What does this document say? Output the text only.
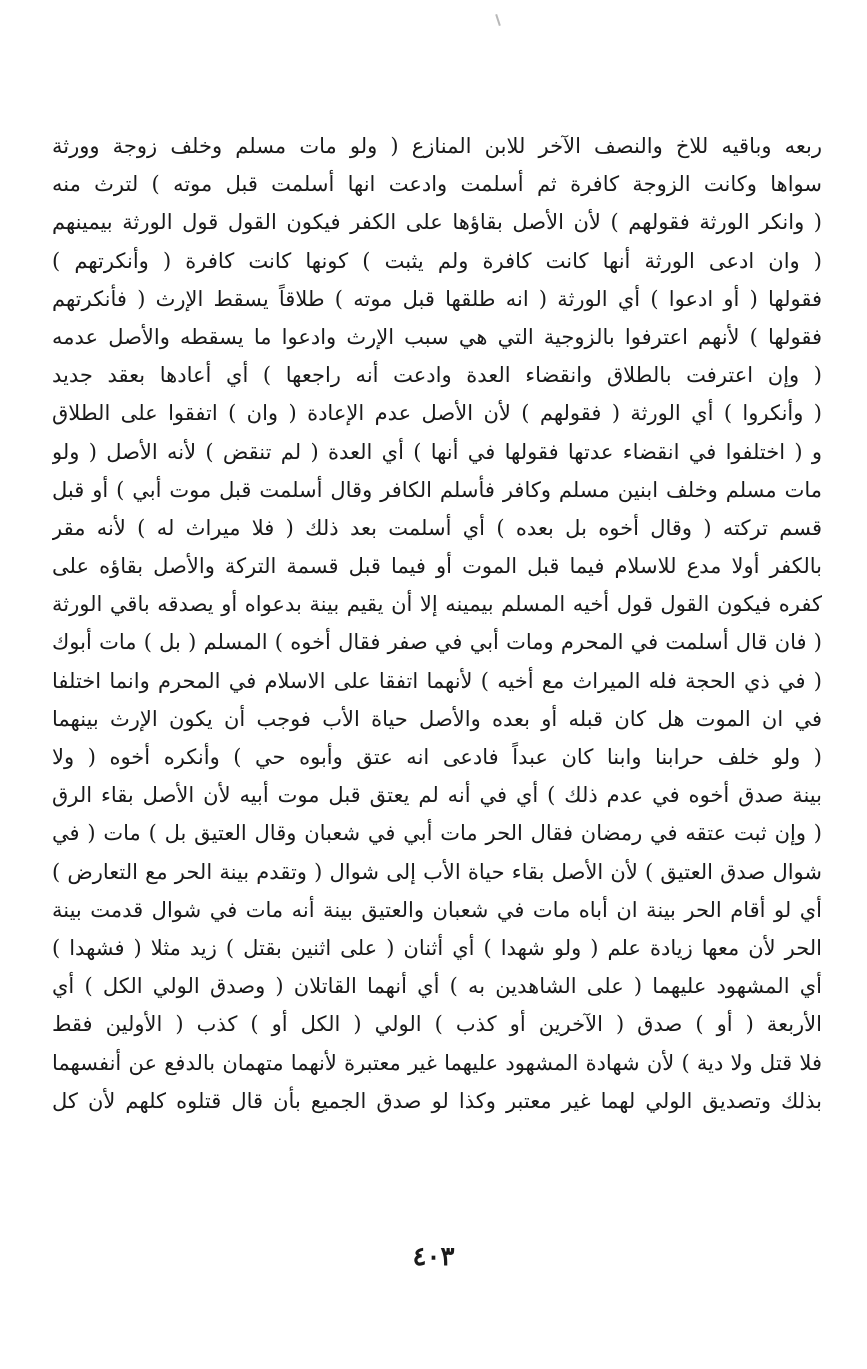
ربعه وباقيه للاخ والنصف الآخر للابن المنازع ( ولو مات مسلم وخلف زوجة وورثة
سواها وكانت الزوجة كافرة ثم أسلمت وادعت انها أسلمت قبل موته ) لترث منه
( وانكر الورثة فقولهم ) لأن الأصل بقاؤها على الكفر فيكون القول قول الورثة بيمينهم
( وان ادعى الورثة أنها كانت كافرة ولم يثبت ) كونها كانت كافرة ( وأنكرتهم )
فقولها ( أو ادعوا ) أي الورثة ( انه طلقها قبل موته ) طلاقاً يسقط الإرث ( فأنكرتهم
فقولها ) لأنهم اعترفوا بالزوجية التي هي سبب الإرث وادعوا ما يسقطه والأصل عدمه
( وإن اعترفت بالطلاق وانقضاء العدة وادعت أنه راجعها ) أي أعادها بعقد جديد
( وأنكروا ) أي الورثة ( فقولهم ) لأن الأصل عدم الإعادة ( وان ) اتفقوا على الطلاق
و ( اختلفوا في انقضاء عدتها فقولها في أنها ) أي العدة ( لم تنقض ) لأنه الأصل ( ولو
مات مسلم وخلف ابنين مسلم وكافر فأسلم الكافر وقال أسلمت قبل موت أبي ) أو قبل
قسم تركته ( وقال أخوه بل بعده ) أي أسلمت بعد ذلك ( فلا ميراث له ) لأنه مقر
بالكفر أولا مدع للاسلام فيما قبل الموت أو فيما قبل قسمة التركة والأصل بقاؤه على
كفره فيكون القول قول أخيه المسلم بيمينه إلا أن يقيم بينة بدعواه أو يصدقه باقي الورثة
( فان قال أسلمت في المحرم ومات أبي في صفر فقال أخوه ) المسلم ( بل ) مات أبوك
( في ذي الحجة فله الميراث مع أخيه ) لأنهما اتفقا على الاسلام في المحرم وانما اختلفا
في ان الموت هل كان قبله أو بعده والأصل حياة الأب فوجب أن يكون الإرث بينهما
( ولو خلف حرابنا وابنا كان عبداً فادعى انه عتق وأبوه حي ) وأنكره أخوه ( ولا
بينة صدق أخوه في عدم ذلك ) أي في أنه لم يعتق قبل موت أبيه لأن الأصل بقاء الرق
( وإن ثبت عتقه في رمضان فقال الحر مات أبي في شعبان وقال العتيق بل ) مات ( في
شوال صدق العتيق ) لأن الأصل بقاء حياة الأب إلى شوال ( وتقدم بينة الحر مع التعارض )
أي لو أقام الحر بينة ان أباه مات في شعبان والعتيق بينة أنه مات في شوال قدمت بينة
الحر لأن معها زيادة علم ( ولو شهدا ) أي أثنان ( على اثنين بقتل ) زيد مثلا ( فشهدا )
أي المشهود عليهما ( على الشاهدين به ) أي أنهما القاتلان ( وصدق الولي الكل ) أي
الأربعة ( أو ) صدق ( الآخرين أو كذب ) الولي ( الكل أو ) كذب ( الأولين فقط
فلا قتل ولا دية ) لأن شهادة المشهود عليهما غير معتبرة لأنهما متهمان بالدفع عن أنفسهما
بذلك وتصديق الولي لهما غير معتبر وكذا لو صدق الجميع بأن قال قتلوه كلهم لأن كل
٤٠٣
